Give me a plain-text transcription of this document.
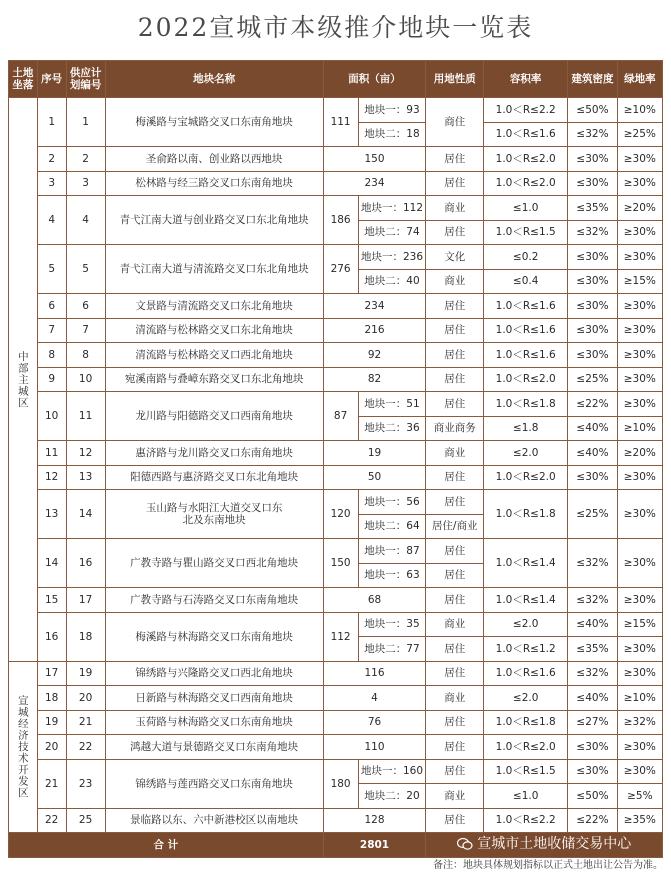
2022宣城市本级推介地块一览表
土地坐落	序号	供应计划编号	地块名称	面积（亩）		用地性质	容积率	建筑密度	绿地率
中部主城区	1	1	梅溪路与宝城路交叉口东南角地块	111	地块一：93	商住	1.0＜R≤2.2	≤50%	≥10%
					地块二：18		1.0＜R≤1.6	≤32%	≥25%
	2	2	圣俞路以南、创业路以西地块	150		居住	1.0＜R≤2.0	≤30%	≥30%
	3	3	松林路与经三路交叉口东南角地块	234		居住	1.0＜R≤2.0	≤30%	≥30%
	4	4	青弋江南大道与创业路交叉口东北角地块	186	地块一：112	商业	≤1.0	≤35%	≥20%
					地块二：74	居住	1.0＜R≤1.5	≤32%	≥30%
	5	5	青弋江南大道与清流路交叉口东北角地块	276	地块一：236	文化	≤0.2	≤30%	≥30%
					地块二：40	商业	≤0.4	≤30%	≥15%
	6	6	文景路与清流路交叉口东北角地块	234		居住	1.0＜R≤1.6	≤30%	≥30%
	7	7	清流路与松林路交叉口东北角地块	216		居住	1.0＜R≤1.6	≤30%	≥30%
	8	8	清流路与松林路交叉口西北角地块	92		居住	1.0＜R≤1.6	≤30%	≥30%
	9	10	宛溪南路与叠嶂东路交叉口东北角地块	82		居住	1.0＜R≤2.0	≤25%	≥30%
	10	11	龙川路与阳德路交叉口西南角地块	87	地块一：51	居住	1.0＜R≤1.8	≤22%	≥30%
					地块二：36	商业商务	≤1.8	≤40%	≥10%
	11	12	惠济路与龙川路交叉口东南角地块	19		商业	≤2.0	≤40%	≥20%
	12	13	阳德西路与惠济路交叉口东北角地块	50		居住	1.0＜R≤2.0	≤30%	≥30%
	13	14	玉山路与水阳江大道交叉口东北及东南地块	120	地块一：56	居住	1.0＜R≤1.8	≤25%	≥30%
					地块二：64	居住/商业			
	14	16	广教寺路与瞿山路交叉口西北角地块	150	地块一：87	居住	1.0＜R≤1.4	≤32%	≥30%
					地块一：63	居住			
	15	17	广教寺路与石涛路交叉口东南角地块	68		居住	1.0＜R≤1.4	≤32%	≥30%
	16	18	梅溪路与林海路交叉口东南角地块	112	地块一：35	商业	≤2.0	≤40%	≥15%
					地块二：77	居住	1.0＜R≤1.2	≤35%	≥30%
宣城经济技术开发区	17	19	锦绣路与兴隆路交叉口西北角地块	116		居住	1.0＜R≤1.6	≤32%	≥30%
	18	20	日新路与林海路交叉口西南角地块	4		商业	≤2.0	≤40%	≥10%
	19	21	玉荷路与林海路交叉口东南角地块	76		居住	1.0＜R≤1.8	≤27%	≥32%
	20	22	鸿越大道与景德路交叉口东南角地块	110		居住	1.0＜R≤2.0	≤30%	≥30%
	21	23	锦绣路与莲西路交叉口东南角地块	180	地块一：160	居住	1.0＜R≤1.5	≤30%	≥30%
					地块二：20	商业	≤1.0	≤50%	≥5%
	22	25	景临路以东、六中新港校区以南地块	128		居住	1.0＜R≤2.2	≤22%	≥35%
合 计				2801		宣城市土地收储交易中心			
备注：地块具体规划指标以正式土地出让公告为准。
